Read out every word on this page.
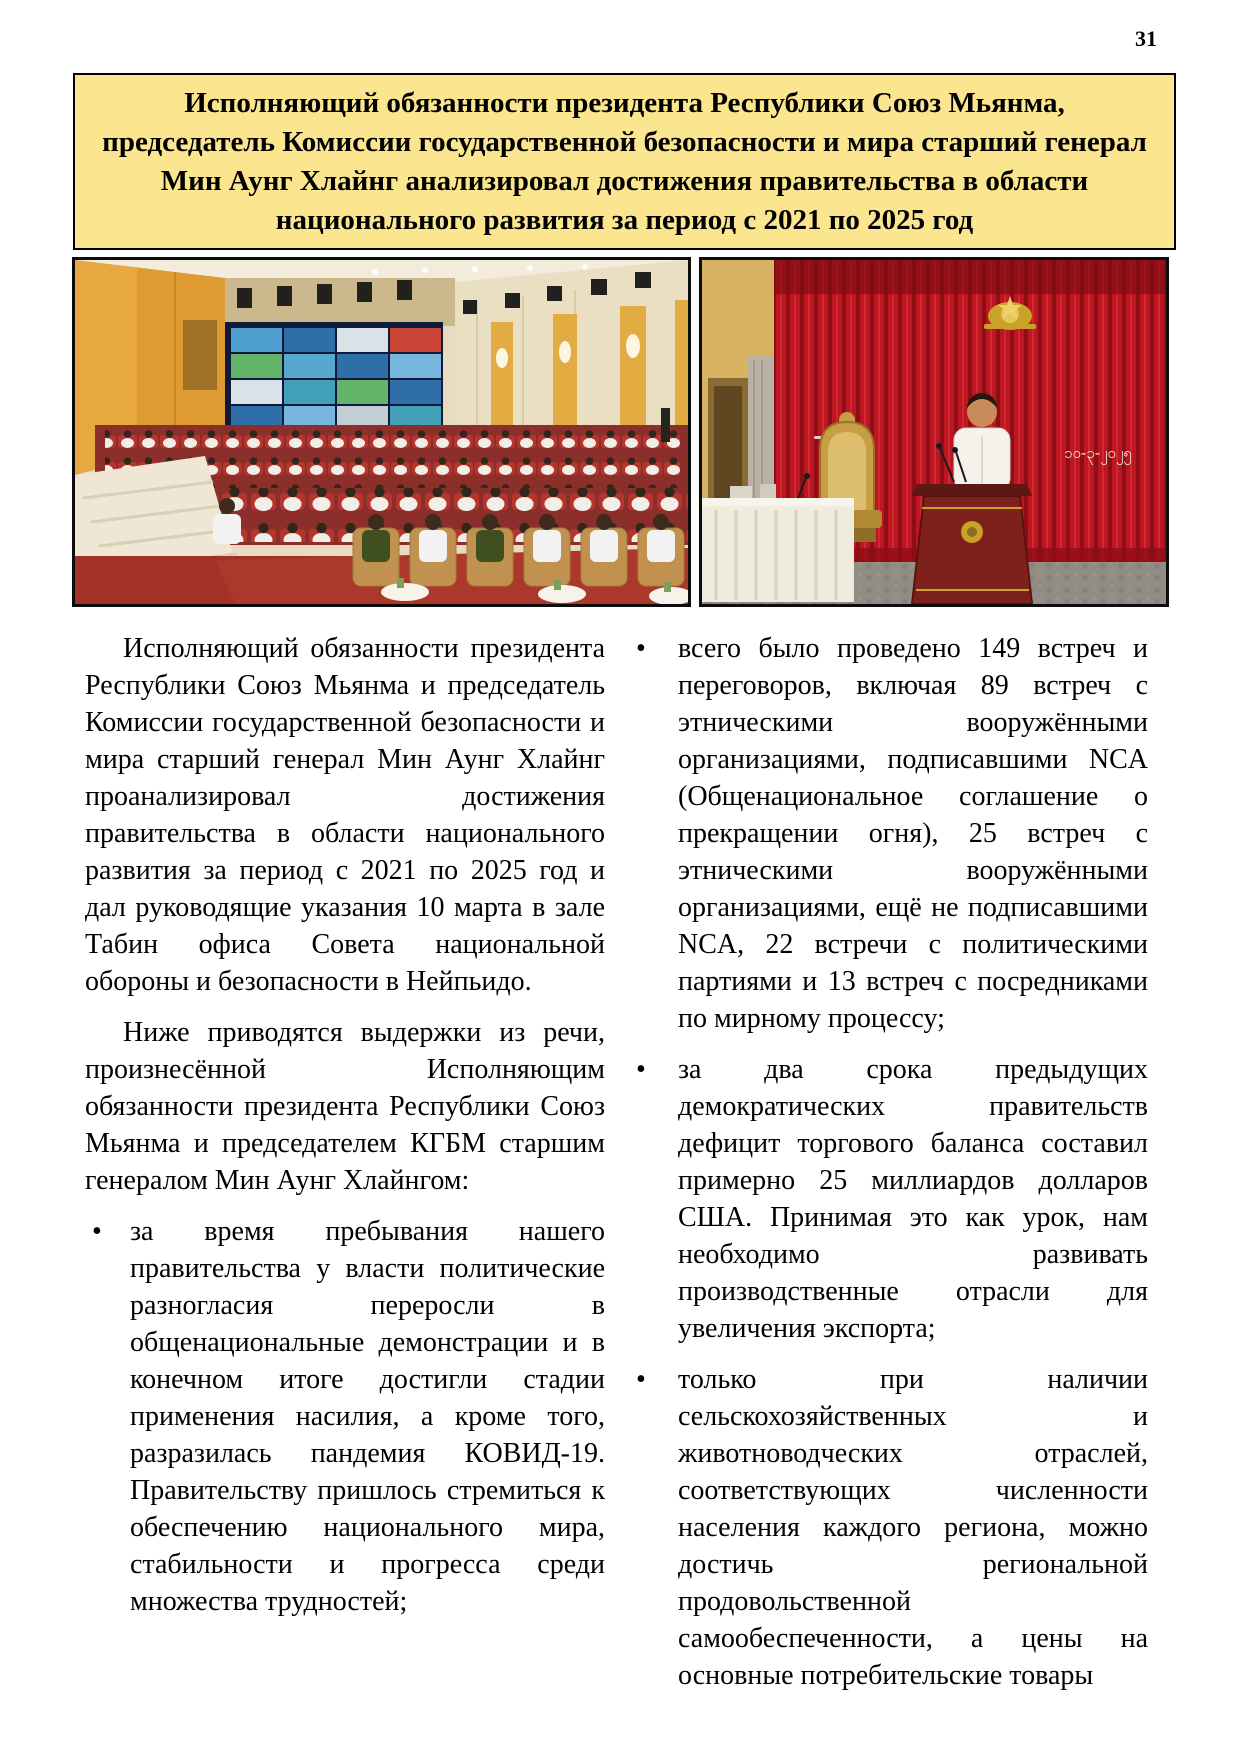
31
Исполняющий обязанности президента Республики Союз Мьянма, председатель Комиссии государственной безопасности и мира старший генерал Мин Аунг Хлайнг анализировал достижения правительства в области национального развития за период с 2021 по 2025 год
၁၀-၃-၂၀၂၅

Исполняющий обязанности президента Республики Союз Мьянма и председатель Комиссии государственной безопасности и мира старший генерал Мин Аунг Хлайнг проанализировал достижения правительства в области национального развития за период с 2021 по 2025 год и дал руководящие указания 10 марта в зале Табин офиса Совета национальной обороны и безопасности в Нейпьидо.

Ниже приводятся выдержки из речи, произнесённой Исполняющим обязанности президента Республики Союз Мьянма и председателем КГБМ старшим генералом Мин Аунг Хлайнгом:

• за время пребывания нашего правительства у власти политические разногласия переросли в общенациональные демонстрации и в конечном итоге достигли стадии применения насилия, а кроме того, разразилась пандемия КОВИД-19. Правительству пришлось стремиться к обеспечению национального мира, стабильности и прогресса среди множества трудностей;
• всего было проведено 149 встреч и переговоров, включая 89 встреч с этническими вооружёнными организациями, подписавшими NCA (Общенациональное соглашение о прекращении огня), 25 встреч с этническими вооружёнными организациями, ещё не подписавшими NCA, 22 встречи с политическими партиями и 13 встреч с посредниками по мирному процессу;
• за два срока предыдущих демократических правительств дефицит торгового баланса составил примерно 25 миллиардов долларов США. Принимая это как урок, нам необходимо развивать производственные отрасли для увеличения экспорта;
• только при наличии сельскохозяйственных и животноводческих отраслей, соответствующих численности населения каждого региона, можно достичь региональной продовольственной самообеспеченности, а цены на основные потребительские товары
